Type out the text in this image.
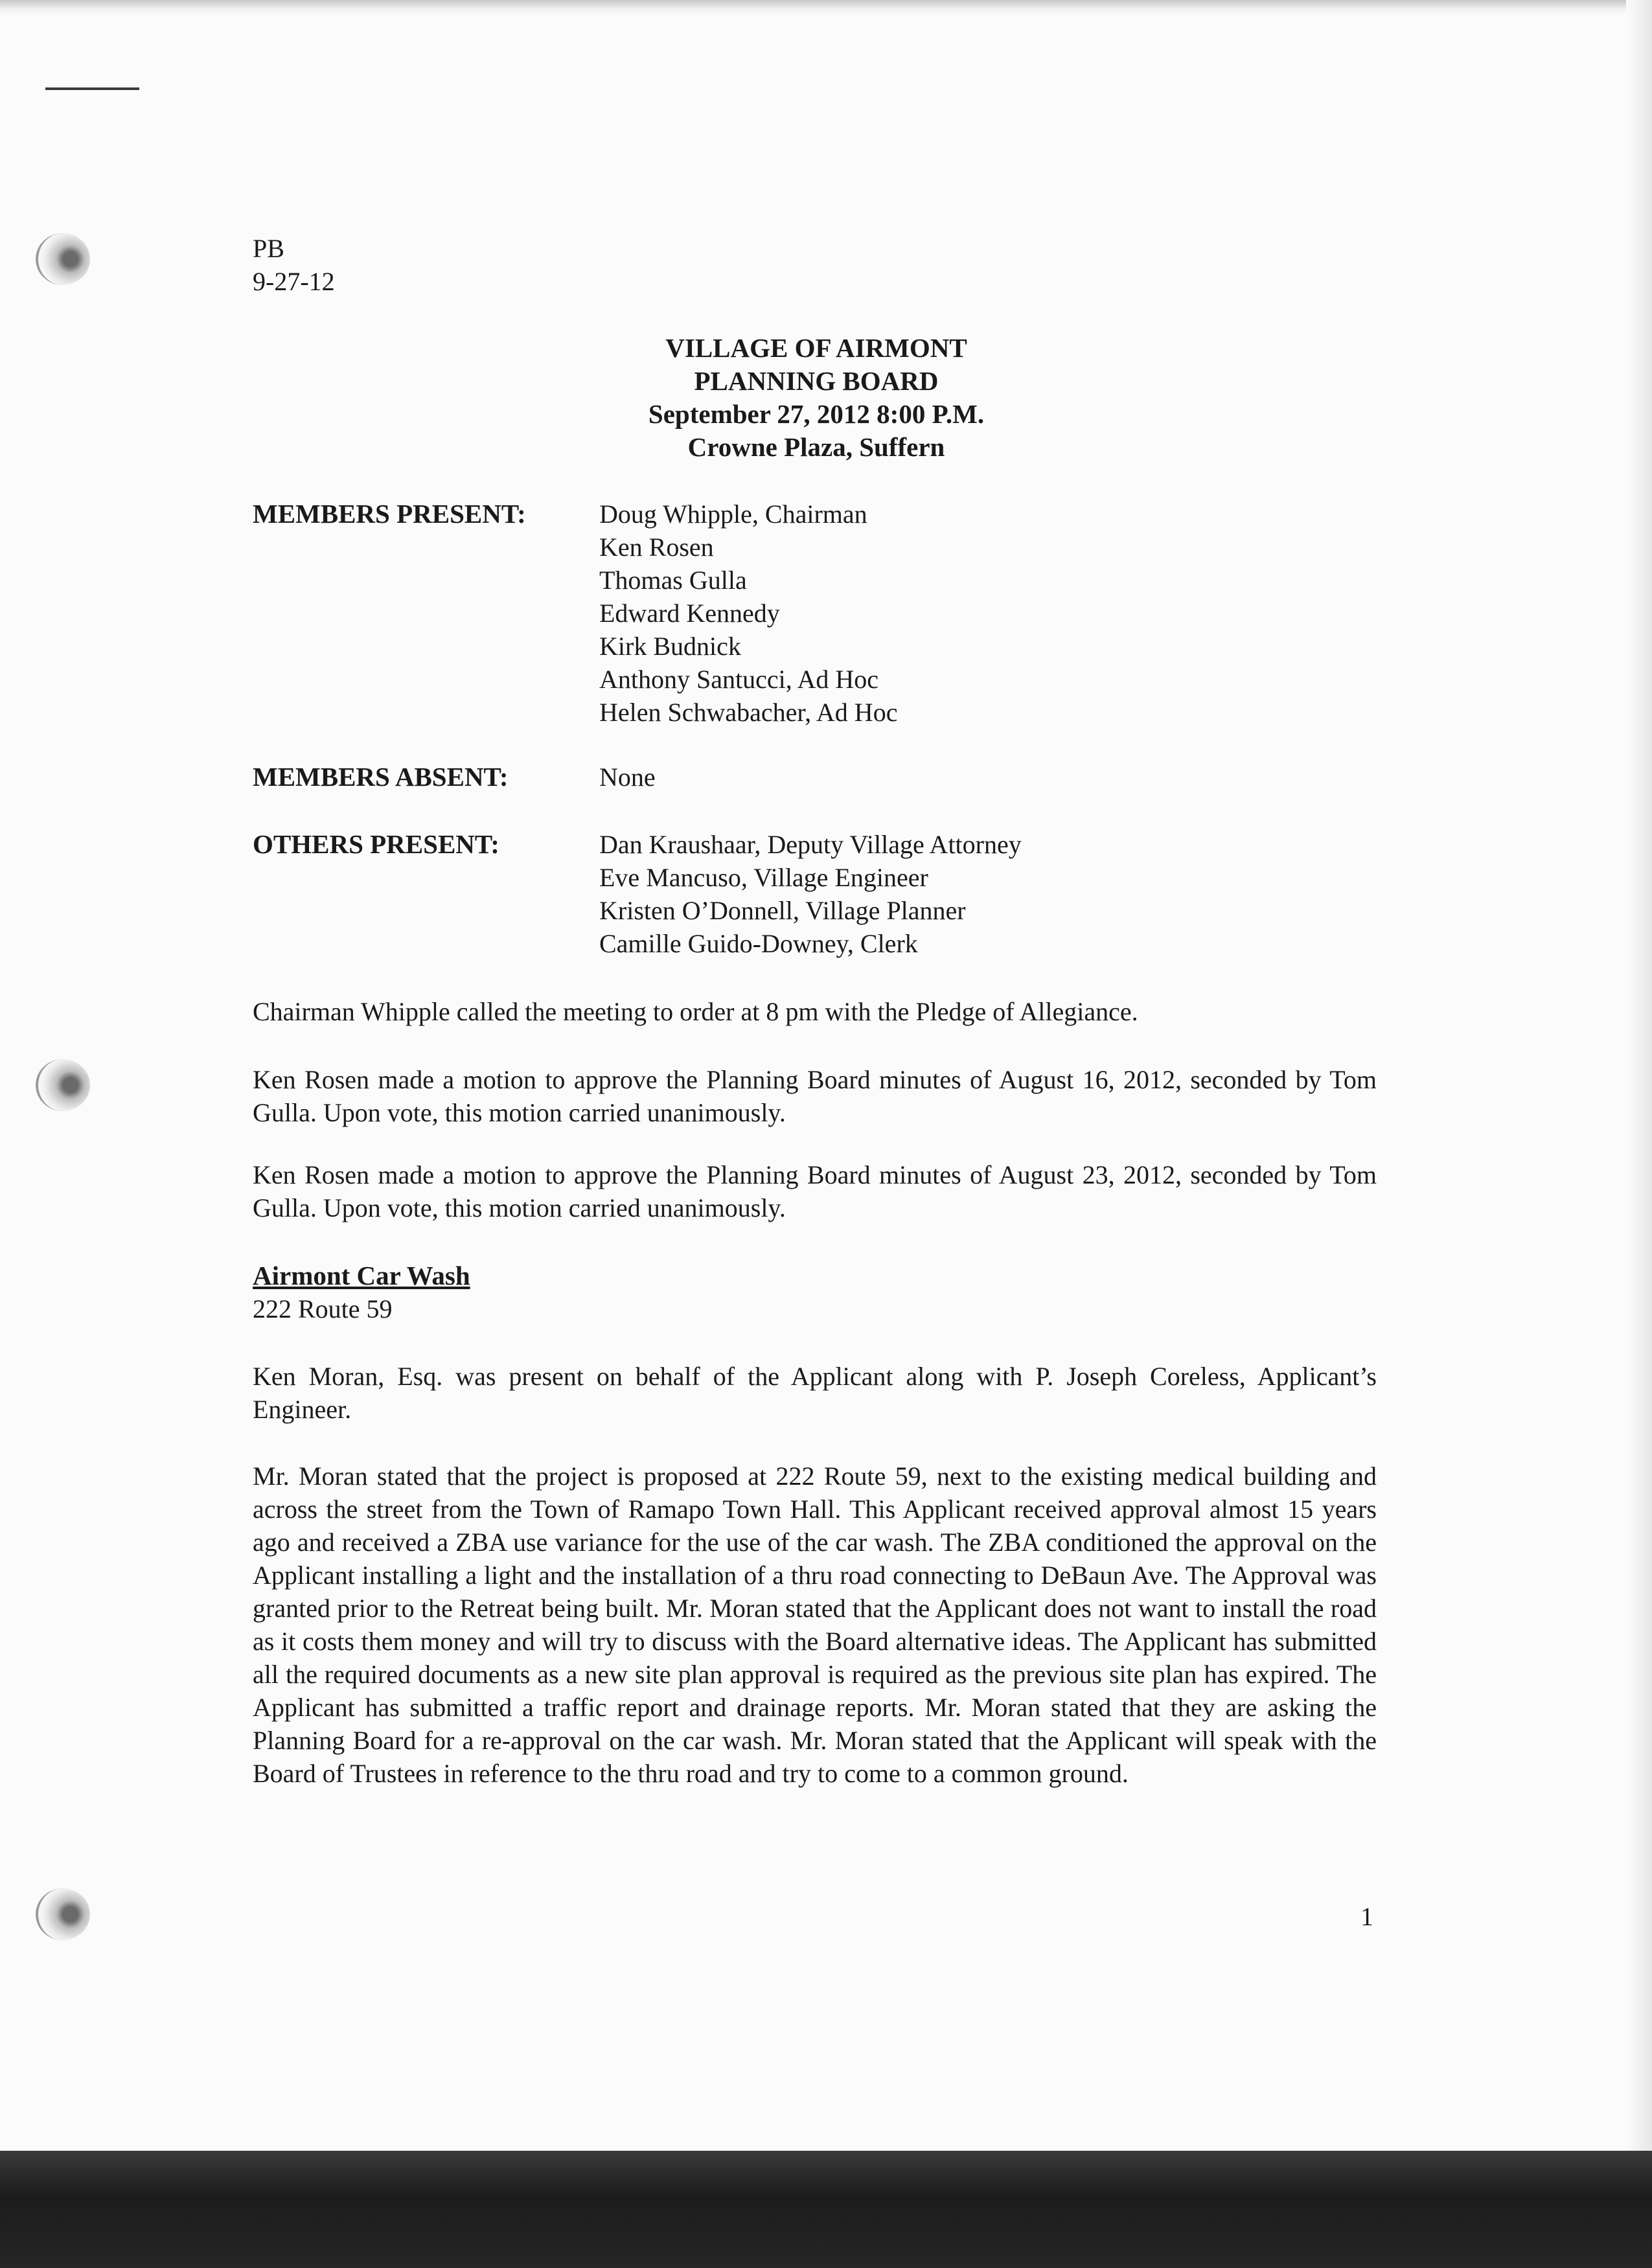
PB
9-27-12
VILLAGE OF AIRMONT
PLANNING BOARD
September 27, 2012 8:00 P.M.
Crowne Plaza, Suffern
MEMBERS PRESENT:	Doug Whipple, Chairman
Ken Rosen
Thomas Gulla
Edward Kennedy
Kirk Budnick
Anthony Santucci, Ad Hoc
Helen Schwabacher, Ad Hoc
MEMBERS ABSENT:	None
OTHERS PRESENT:	Dan Kraushaar, Deputy Village Attorney
Eve Mancuso, Village Engineer
Kristen O’Donnell, Village Planner
Camille Guido-Downey, Clerk
Chairman Whipple called the meeting to order at 8 pm with the Pledge of Allegiance.
Ken Rosen made a motion to approve the Planning Board minutes of August 16, 2012, seconded by Tom Gulla. Upon vote, this motion carried unanimously.
Ken Rosen made a motion to approve the Planning Board minutes of August 23, 2012, seconded by Tom Gulla. Upon vote, this motion carried unanimously.
Airmont Car Wash
222 Route 59
Ken Moran, Esq. was present on behalf of the Applicant along with P. Joseph Coreless, Applicant’s Engineer.
Mr. Moran stated that the project is proposed at 222 Route 59, next to the existing medical building and across the street from the Town of Ramapo Town Hall. This Applicant received approval almost 15 years ago and received a ZBA use variance for the use of the car wash. The ZBA conditioned the approval on the Applicant installing a light and the installation of a thru road connecting to DeBaun Ave. The Approval was granted prior to the Retreat being built. Mr. Moran stated that the Applicant does not want to install the road as it costs them money and will try to discuss with the Board alternative ideas. The Applicant has submitted all the required documents as a new site plan approval is required as the previous site plan has expired. The Applicant has submitted a traffic report and drainage reports. Mr. Moran stated that they are asking the Planning Board for a re-approval on the car wash. Mr. Moran stated that the Applicant will speak with the Board of Trustees in reference to the thru road and try to come to a common ground.
1
